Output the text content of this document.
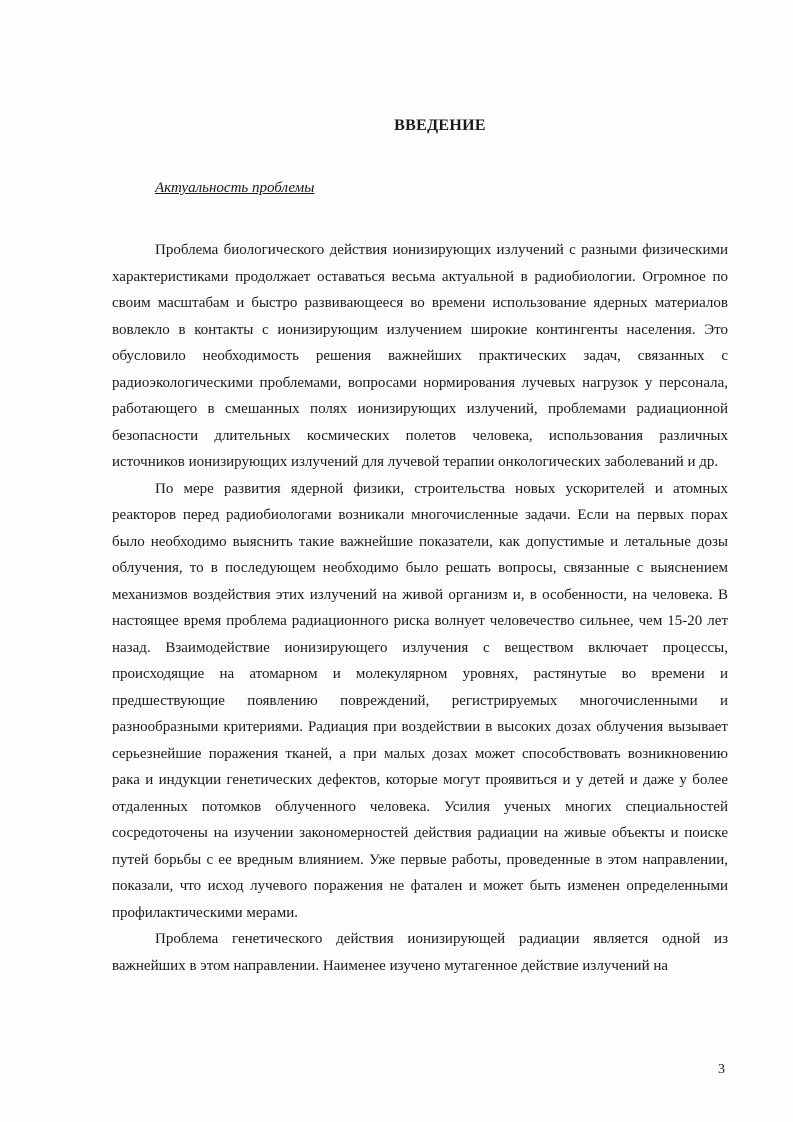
ВВЕДЕНИЕ
Актуальность проблемы

Проблема биологического действия ионизирующих излучений с разными физическими характеристиками продолжает оставаться весьма актуальной в радиобиологии. Огромное по своим масштабам и быстро развивающееся во времени использование ядерных материалов вовлекло в контакты с ионизирующим излучением широкие контингенты населения. Это обусловило необходимость решения важнейших практических задач, связанных с радиоэкологическими проблемами, вопросами нормирования лучевых нагрузок у персонала, работающего в смешанных полях ионизирующих излучений, проблемами радиационной безопасности длительных космических полетов человека, использования различных источников ионизирующих излучений для лучевой терапии онкологических заболеваний и др.

По мере развития ядерной физики, строительства новых ускорителей и атомных реакторов перед радиобиологами возникали многочисленные задачи. Если на первых порах было необходимо выяснить такие важнейшие показатели, как допустимые и летальные дозы облучения, то в последующем необходимо было решать вопросы, связанные с выяснением механизмов воздействия этих излучений на живой организм и, в особенности, на человека. В настоящее время проблема радиационного риска волнует человечество сильнее, чем 15-20 лет назад. Взаимодействие ионизирующего излучения с веществом включает процессы, происходящие на атомарном и молекулярном уровнях, растянутые во времени и предшествующие появлению повреждений, регистрируемых многочисленными и разнообразными критериями. Радиация при воздействии в высоких дозах облучения вызывает серьезнейшие поражения тканей, а при малых дозах может способствовать возникновению рака и индукции генетических дефектов, которые могут проявиться и у детей и даже у более отдаленных потомков облученного человека. Усилия ученых многих специальностей сосредоточены на изучении закономерностей действия радиации на живые объекты и поиске путей борьбы с ее вредным влиянием. Уже первые работы, проведенные в этом направлении, показали, что исход лучевого поражения не фатален и может быть изменен определенными профилактическими мерами.

Проблема генетического действия ионизирующей радиации является одной из важнейших в этом направлении. Наименее изучено мутагенное действие излучений на

3
